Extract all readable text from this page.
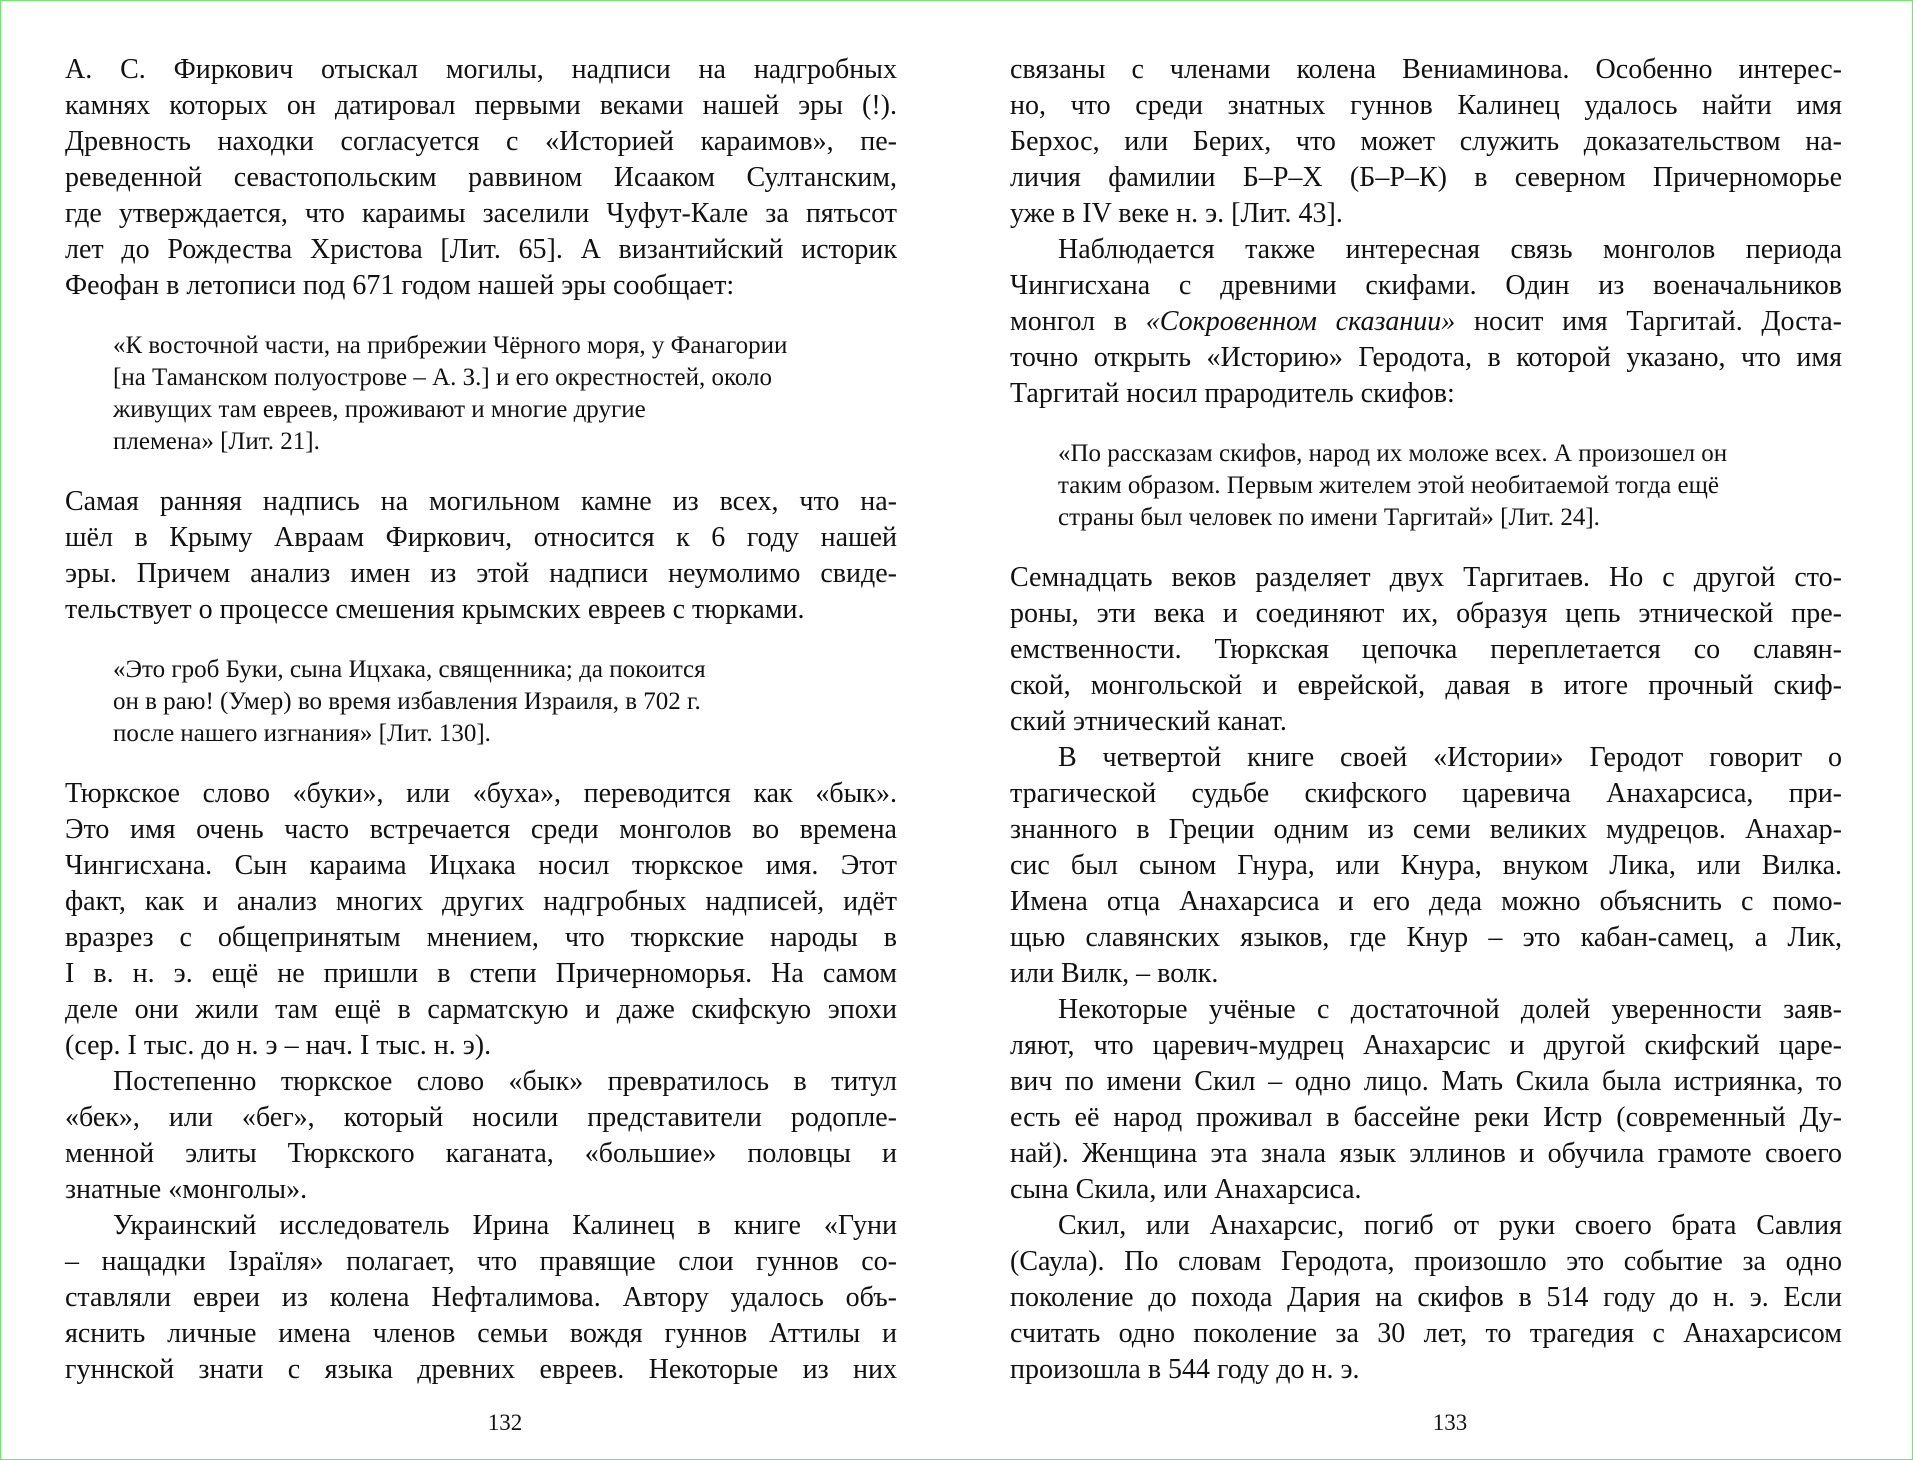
А. С. Фиркович отыскал могилы, надписи на надгробных
камнях которых он датировал первыми веками нашей эры (!).
Древность находки согласуется с «Историей караимов», пе-
реведенной севастопольским раввином Исааком Султанским,
где утверждается, что караимы заселили Чуфут-Кале за пятьсот
лет до Рождества Христова [Лит. 65]. А византийский историк
Феофан в летописи под 671 годом нашей эры сообщает:
«К восточной части, на прибрежии Чёрного моря, у Фанагории
[на Таманском полуострове – А. З.] и его окрестностей, около
живущих там евреев, проживают и многие другие
племена» [Лит. 21].
Самая ранняя надпись на могильном камне из всех, что на-
шёл в Крыму Авраам Фиркович, относится к 6 году нашей
эры. Причем анализ имен из этой надписи неумолимо свиде-
тельствует о процессе смешения крымских евреев с тюрками.
«Это гроб Буки, сына Ицхака, священника; да покоится
он в раю! (Умер) во время избавления Израиля, в 702 г.
после нашего изгнания» [Лит. 130].
Тюркское слово «буки», или «буха», переводится как «бык».
Это имя очень часто встречается среди монголов во времена
Чингисхана. Сын караима Ицхака носил тюркское имя. Этот
факт, как и анализ многих других надгробных надписей, идёт
вразрез с общепринятым мнением, что тюркские народы в
I в. н. э. ещё не пришли в степи Причерноморья. На самом
деле они жили там ещё в сарматскую и даже скифскую эпохи
(сер. I тыс. до н. э – нач. I тыс. н. э).
Постепенно тюркское слово «бык» превратилось в титул
«бек», или «бег», который носили представители родопле-
менной элиты Тюркского каганата, «большие» половцы и
знатные «монголы».
Украинский исследователь Ирина Калинец в книге «Гуни
– нащадки Ізраїля» полагает, что правящие слои гуннов со-
ставляли евреи из колена Нефталимова. Автору удалось объ-
яснить личные имена членов семьи вождя гуннов Аттилы и
гуннской знати с языка древних евреев. Некоторые из них
связаны с членами колена Вениаминова. Особенно интерес-
но, что среди знатных гуннов Калинец удалось найти имя
Берхос, или Берих, что может служить доказательством на-
личия фамилии Б–Р–Х (Б–Р–К) в северном Причерноморье
уже в IV веке н. э. [Лит. 43].
Наблюдается также интересная связь монголов периода
Чингисхана с древними скифами. Один из военачальников
монгол в «Сокровенном сказании» носит имя Таргитай. Доста-
точно открыть «Историю» Геродота, в которой указано, что имя
Таргитай носил прародитель скифов:
«По рассказам скифов, народ их моложе всех. А произошел он
таким образом. Первым жителем этой необитаемой тогда ещё
страны был человек по имени Таргитай» [Лит. 24].
Семнадцать веков разделяет двух Таргитаев. Но с другой сто-
роны, эти века и соединяют их, образуя цепь этнической пре-
емственности. Тюркская цепочка переплетается со славян-
ской, монгольской и еврейской, давая в итоге прочный скиф-
ский этнический канат.
В четвертой книге своей «Истории» Геродот говорит о
трагической судьбе скифского царевича Анахарсиса, при-
знанного в Греции одним из семи великих мудрецов. Анахар-
сис был сыном Гнура, или Кнура, внуком Лика, или Вилка.
Имена отца Анахарсиса и его деда можно объяснить с помо-
щью славянских языков, где Кнур – это кабан-самец, а Лик,
или Вилк, – волк.
Некоторые учёные с достаточной долей уверенности заяв-
ляют, что царевич-мудрец Анахарсис и другой скифский царе-
вич по имени Скил – одно лицо. Мать Скила была истриянка, то
есть её народ проживал в бассейне реки Истр (современный Ду-
най). Женщина эта знала язык эллинов и обучила грамоте своего
сына Скила, или Анахарсиса.
Скил, или Анахарсис, погиб от руки своего брата Савлия
(Саула). По словам Геродота, произошло это событие за одно
поколение до похода Дария на скифов в 514 году до н. э. Если
считать одно поколение за 30 лет, то трагедия с Анахарсисом
произошла в 544 году до н. э.
132	133
